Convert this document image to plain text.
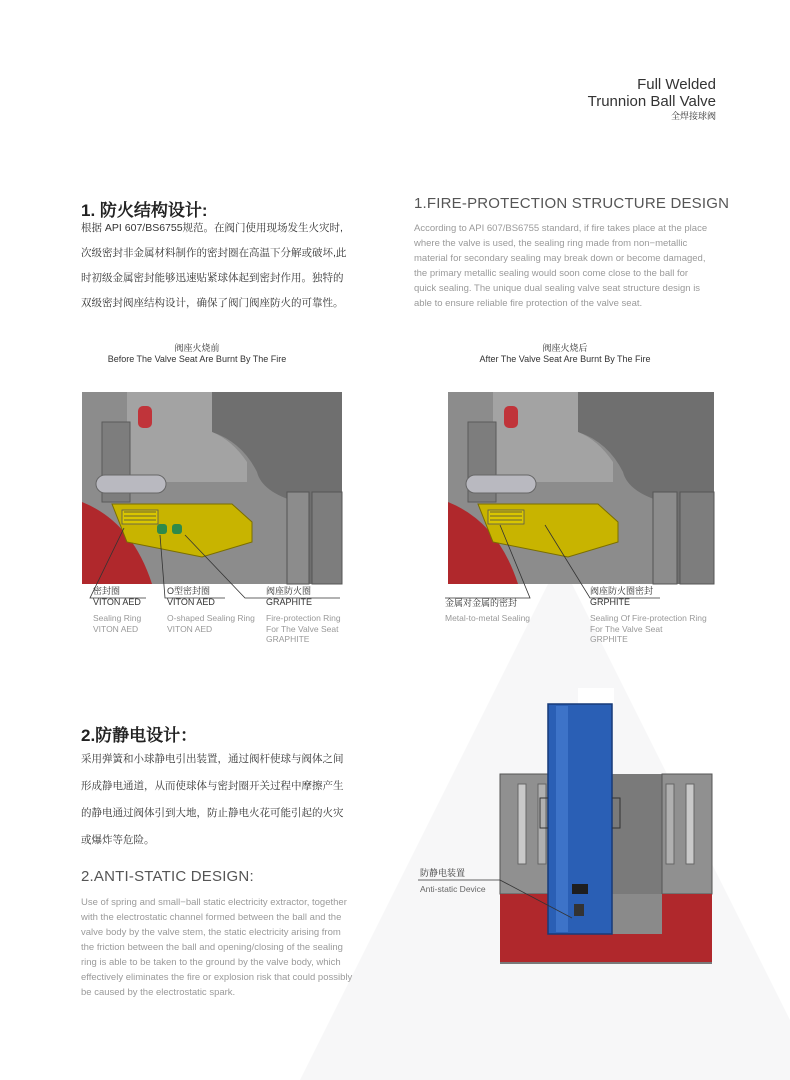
Full Welded
Trunnion Ball Valve
全焊接球阀
1. 防火结构设计:
根据 API 607/BS6755规范。在阀门使用现场发生火灾时,
次级密封非金属材料制作的密封圈在高温下分解或破坏,此
时初级金属密封能够迅速贴紧球体起到密封作用。独特的
双级密封阀座结构设计，确保了阀门阀座防火的可靠性。
1.FIRE-PROTECTION STRUCTURE DESIGN
According to API 607/BS6755 standard, if fire takes place at the place
where the valve is used, the sealing ring made from non−metallic
material for secondary sealing may break down or become damaged,
the primary metallic sealing would soon come close to the ball for
quick sealing. The unique dual sealing valve seat structure design is
able to ensure reliable fire protection of the valve seat.
阀座火烧前
Before The Valve Seat Are Burnt By The Fire
阀座火烧后
After The Valve Seat Are Burnt By The Fire
密封圈
VITON AED
Sealing Ring
VITON AED
O型密封圈
VITON AED
O-shaped Sealing Ring
VITON AED
阀座防火圈
GRAPHITE
Fire-protection Ring
For The Valve Seat
GRAPHITE
金属对金属的密封
Metal-to-metal Sealing
阀座防火圈密封
GRPHITE
Sealing Of Fire-protection Ring
For The Valve Seat
GRPHITE
2.防静电设计：
采用弹簧和小球静电引出装置，通过阀杆使球与阀体之间
形成静电通道，从而使球体与密封圈开关过程中摩擦产生
的静电通过阀体引到大地，防止静电火花可能引起的火灾
或爆炸等危险。
2.ANTI-STATIC DESIGN:
Use of spring and small−ball static electricity extractor, together
with the electrostatic channel formed between the ball and the
valve body by the valve stem, the static electricity arising from
the friction between the ball and opening/closing of the sealing
ring is able to be taken to the ground by the valve body, which
effectively eliminates the fire or explosion risk that could possibly
be caused by the electrostatic spark.
防静电装置
Anti-static Device
